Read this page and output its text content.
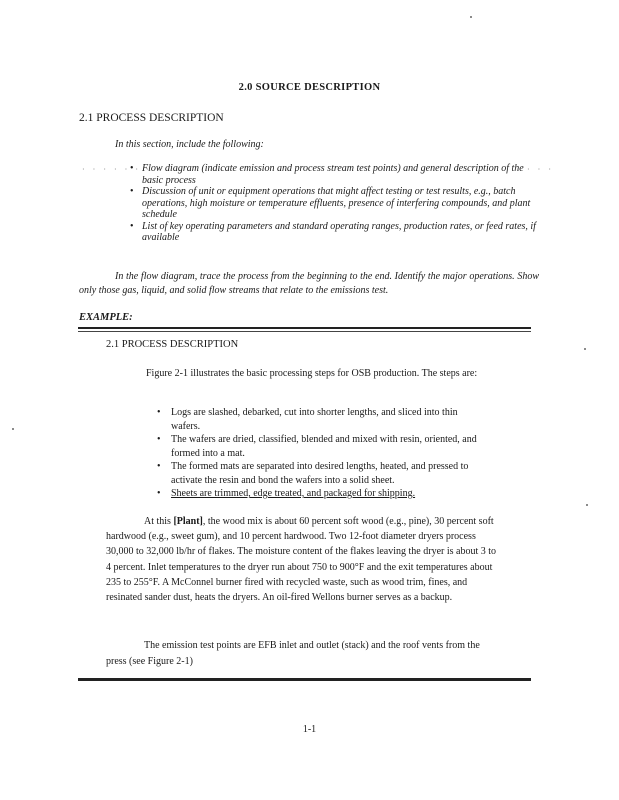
2.0 SOURCE DESCRIPTION
2.1 PROCESS DESCRIPTION
In this section, include the following:
· · · · · · · ·	· · ·
• Flow diagram (indicate emission and process stream test points) and general description of the basic process
• Discussion of unit or equipment operations that might affect testing or test results, e.g., batch operations, high moisture or temperature effluents, presence of interfering compounds, and plant schedule
• List of key operating parameters and standard operating ranges, production rates, or feed rates, if available
In the flow diagram, trace the process from the beginning to the end. Identify the major operations. Show only those gas, liquid, and solid flow streams that relate to the emissions test.
EXAMPLE:
2.1 PROCESS DESCRIPTION
Figure 2-1 illustrates the basic processing steps for OSB production. The steps are:
• Logs are slashed, debarked, cut into shorter lengths, and sliced into thin wafers.
• The wafers are dried, classified, blended and mixed with resin, oriented, and formed into a mat.
• The formed mats are separated into desired lengths, heated, and pressed to activate the resin and bond the wafers into a solid sheet.
• Sheets are trimmed, edge treated, and packaged for shipping.
At this [Plant], the wood mix is about 60 percent soft wood (e.g., pine), 30 percent soft hardwood (e.g., sweet gum), and 10 percent hardwood. Two 12-foot diameter dryers process 30,000 to 32,000 lb/hr of flakes. The moisture content of the flakes leaving the dryer is about 3 to 4 percent. Inlet temperatures to the dryer run about 750 to 900°F and the exit temperatures about 235 to 255°F. A McConnel burner fired with recycled waste, such as wood trim, fines, and resinated sander dust, heats the dryers. An oil-fired Wellons burner serves as a backup.
The emission test points are EFB inlet and outlet (stack) and the roof vents from the press (see Figure 2-1)
1-1
